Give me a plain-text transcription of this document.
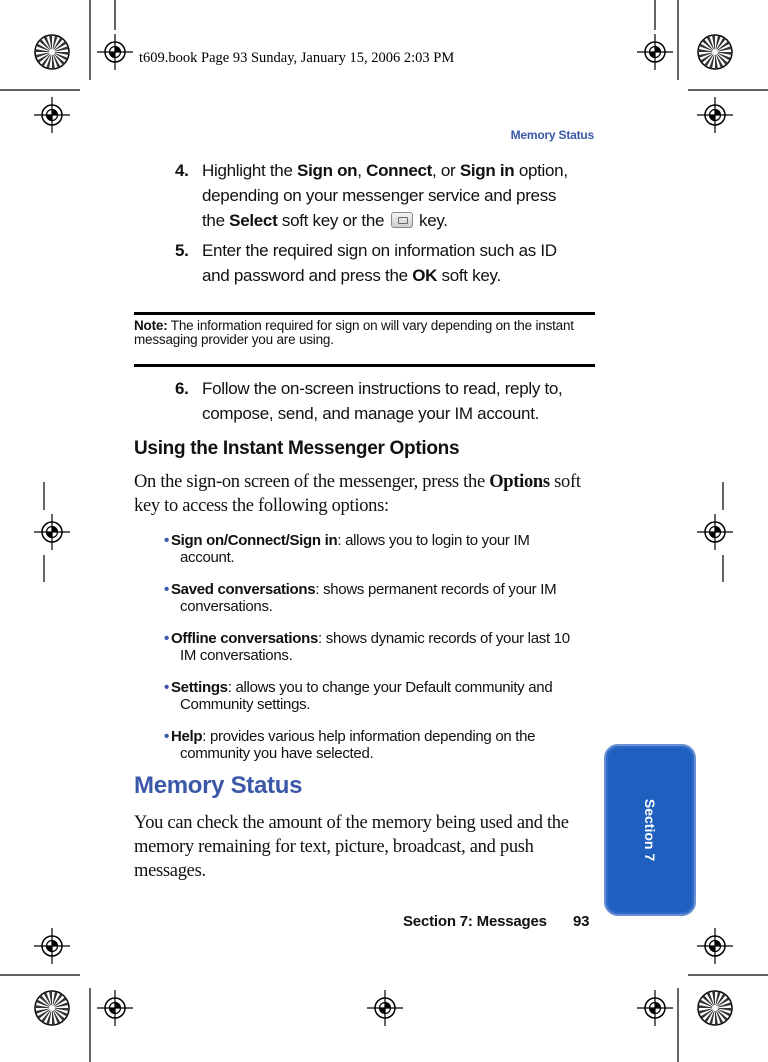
t609.book Page 93 Sunday, January 15, 2006 2:03 PM
Memory Status
4. Highlight the Sign on, Connect, or Sign in option, depending on your messenger service and press the Select soft key or the  key.
5. Enter the required sign on information such as ID and password and press the OK soft key.
Note: The information required for sign on will vary depending on the instant messaging provider you are using.
6. Follow the on-screen instructions to read, reply to, compose, send, and manage your IM account.
Using the Instant Messenger Options
On the sign-on screen of the messenger, press the Options soft key to access the following options:
• Sign on/Connect/Sign in: allows you to login to your IM
account.
• Saved conversations: shows permanent records of your IM
conversations.
• Offline conversations: shows dynamic records of your last 10
IM conversations.
• Settings: allows you to change your Default community and
Community settings.
• Help: provides various help information depending on the
community you have selected.
Memory Status
You can check the amount of the memory being used and the memory remaining for text, picture, broadcast, and push messages.
Section 7: Messages 93
Section 7
